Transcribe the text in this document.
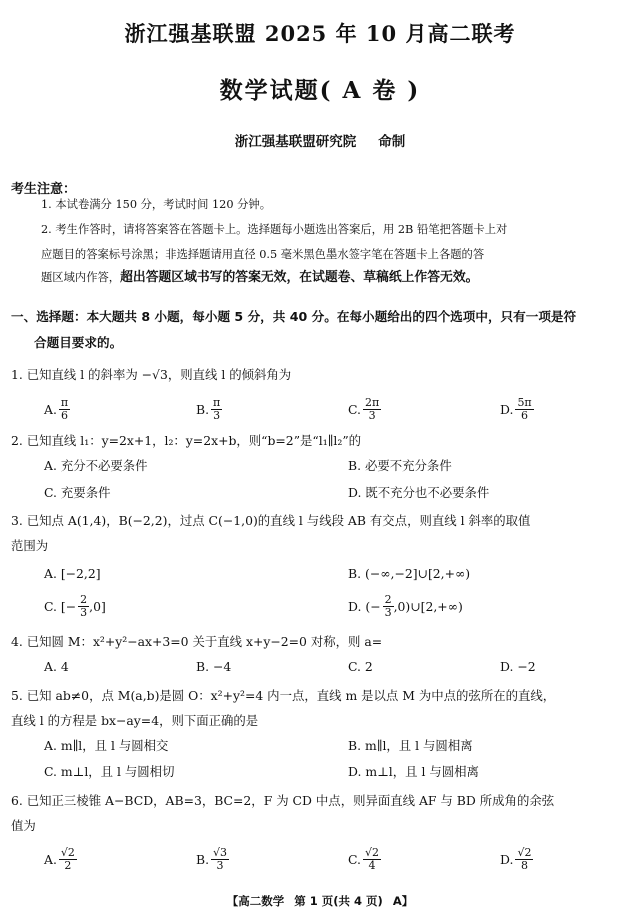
浙江强基联盟 2025 年 10 月高二联考
数学试题( A 卷 )
浙江强基联盟研究院 命制
考生注意：
1. 本试卷满分 150 分，考试时间 120 分钟。
2. 考生作答时，请将答案答在答题卡上。选择题每小题选出答案后，用 2B 铅笔把答题卡上对
应题目的答案标号涂黑；非选择题请用直径 0.5 毫米黑色墨水签字笔在答题卡上各题的答
题区域内作答，超出答题区域书写的答案无效，在试题卷、草稿纸上作答无效。
一、选择题：本大题共 8 小题，每小题 5 分，共 40 分。在每小题给出的四个选项中，只有一项是符
合题目要求的。
1. 已知直线 l 的斜率为 −√3，则直线 l 的倾斜角为
A. $\frac{\pi}{6}$	B. $\frac{\pi}{3}$	C. $\frac{2\pi}{3}$	D. $\frac{5\pi}{6}$
2. 已知直线 l₁：y=2x+1，l₂：y=2x+b，则“b=2”是“l₁∥l₂”的
A. 充分不必要条件	B. 必要不充分条件
C. 充要条件	D. 既不充分也不必要条件
3. 已知点 A(1,4)，B(−2,2)，过点 C(−1,0)的直线 l 与线段 AB 有交点，则直线 l 斜率的取值
范围为
A. [−2,2]	B. (−∞,−2]∪[2,+∞)
C. [− $\frac{2}{3} ,0$]	D. (− $\frac{2}{3}$ ,0)∪[2,+∞)
4. 已知圆 M：x²+y²−ax+3=0 关于直线 x+y−2=0 对称，则 a=
A. 4	B. −4	C. 2	D. −2
5. 已知 ab≠0，点 M(a,b)是圆 O：x²+y²=4 内一点，直线 m 是以点 M 为中点的弦所在的直线，
直线 l 的方程是 bx−ay=4，则下面正确的是
A. m∥l，且 l 与圆相交	B. m∥l，且 l 与圆相离
C. m⊥l，且 l 与圆相切	D. m⊥l，且 l 与圆相离
6. 已知正三棱锥 A−BCD，AB=3，BC=2，F 为 CD 中点，则异面直线 AF 与 BD 所成角的余弦
值为
A. $\frac{√2}{2}$	B. $\frac{√3}{3}$	C. $\frac{√2}{4}$	D. $\frac{√2}{8}$
【高二数学 第 1 页(共 4 页) A】
